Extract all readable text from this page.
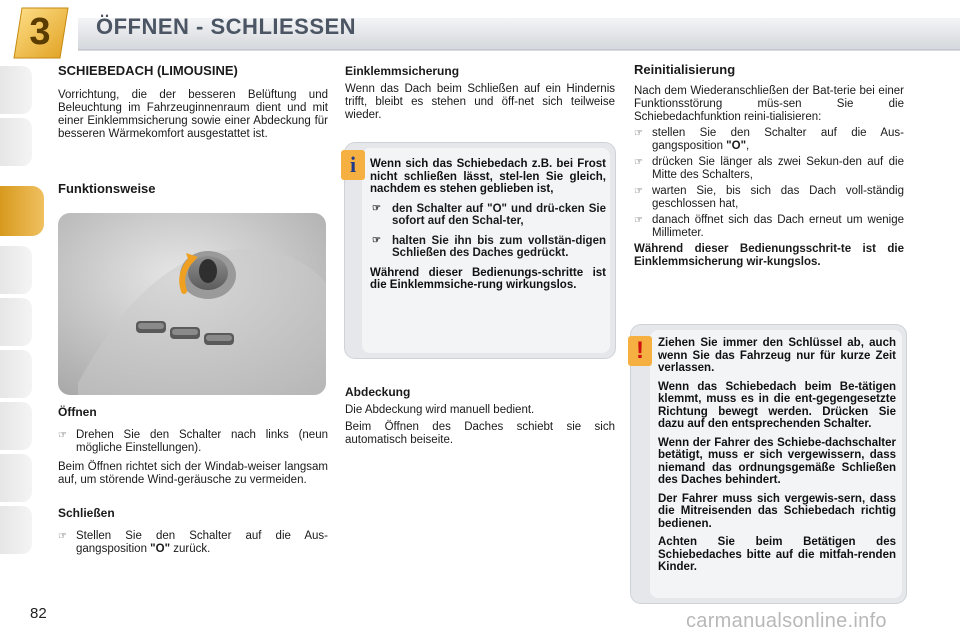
3	ÖFFNEN - SCHLIESSEN
SCHIEBEDACH (LIMOUSINE)

Vorrichtung, die der besseren Belüftung und Beleuchtung im Fahrzeuginnenraum dient und mit einer Einklemmsicherung sowie einer Abdeckung für besseren Wärmekomfort ausgestattet ist.

Funktionsweise
Öffnen
☞ Drehen Sie den Schalter nach links (neun mögliche Einstellungen).

Beim Öffnen richtet sich der Windab-weiser langsam auf, um störende Wind-geräusche zu vermeiden.

Schließen
☞ Stellen Sie den Schalter auf die Aus-gangsposition "O" zurück.
Einklemmsicherung

Wenn das Dach beim Schließen auf ein Hindernis trifft, bleibt es stehen und öff-net sich teilweise wieder.

i	Wenn sich das Schiebedach z.B. bei Frost nicht schließen lässt, stel-len Sie gleich, nachdem es stehen geblieben ist,

☞ den Schalter auf "O" und drü-cken Sie sofort auf den Schal-ter,
☞ halten Sie ihn bis zum vollstän-digen Schließen des Daches gedrückt.

Während dieser Bedienungs-schritte ist die Einklemmsiche-rung wirkungslos.

Abdeckung

Die Abdeckung wird manuell bedient.

Beim Öffnen des Daches schiebt sie sich automatisch beiseite.

Reinitialisierung

Nach dem Wiederanschließen der Bat-terie bei einer Funktionsstörung müs-sen Sie die Schiebedachfunktion reini-tialisieren:

☞ stellen Sie den Schalter auf die Aus-gangsposition "O",
☞ drücken Sie länger als zwei Sekun-den auf die Mitte des Schalters,
☞ warten Sie, bis sich das Dach voll-ständig geschlossen hat,
☞ danach öffnet sich das Dach erneut um wenige Millimeter.

Während dieser Bedienungsschrit-te ist die Einklemmsicherung wir-kungslos.

!	Ziehen Sie immer den Schlüssel ab, auch wenn Sie das Fahrzeug nur für kurze Zeit verlassen.

Wenn das Schiebedach beim Be-tätigen klemmt, muss es in die ent-gegengesetzte Richtung bewegt werden. Drücken Sie dazu auf den entsprechenden Schalter.

Wenn der Fahrer des Schiebe-dachschalter betätigt, muss er sich vergewissern, dass niemand das ordnungsgemäße Schließen des Daches behindert.

Der Fahrer muss sich vergewis-sern, dass die Mitreisenden das Schiebedach richtig bedienen.

Achten Sie beim Betätigen des Schiebedaches bitte auf die mitfah-renden Kinder.

82	carmanualsonline.info
